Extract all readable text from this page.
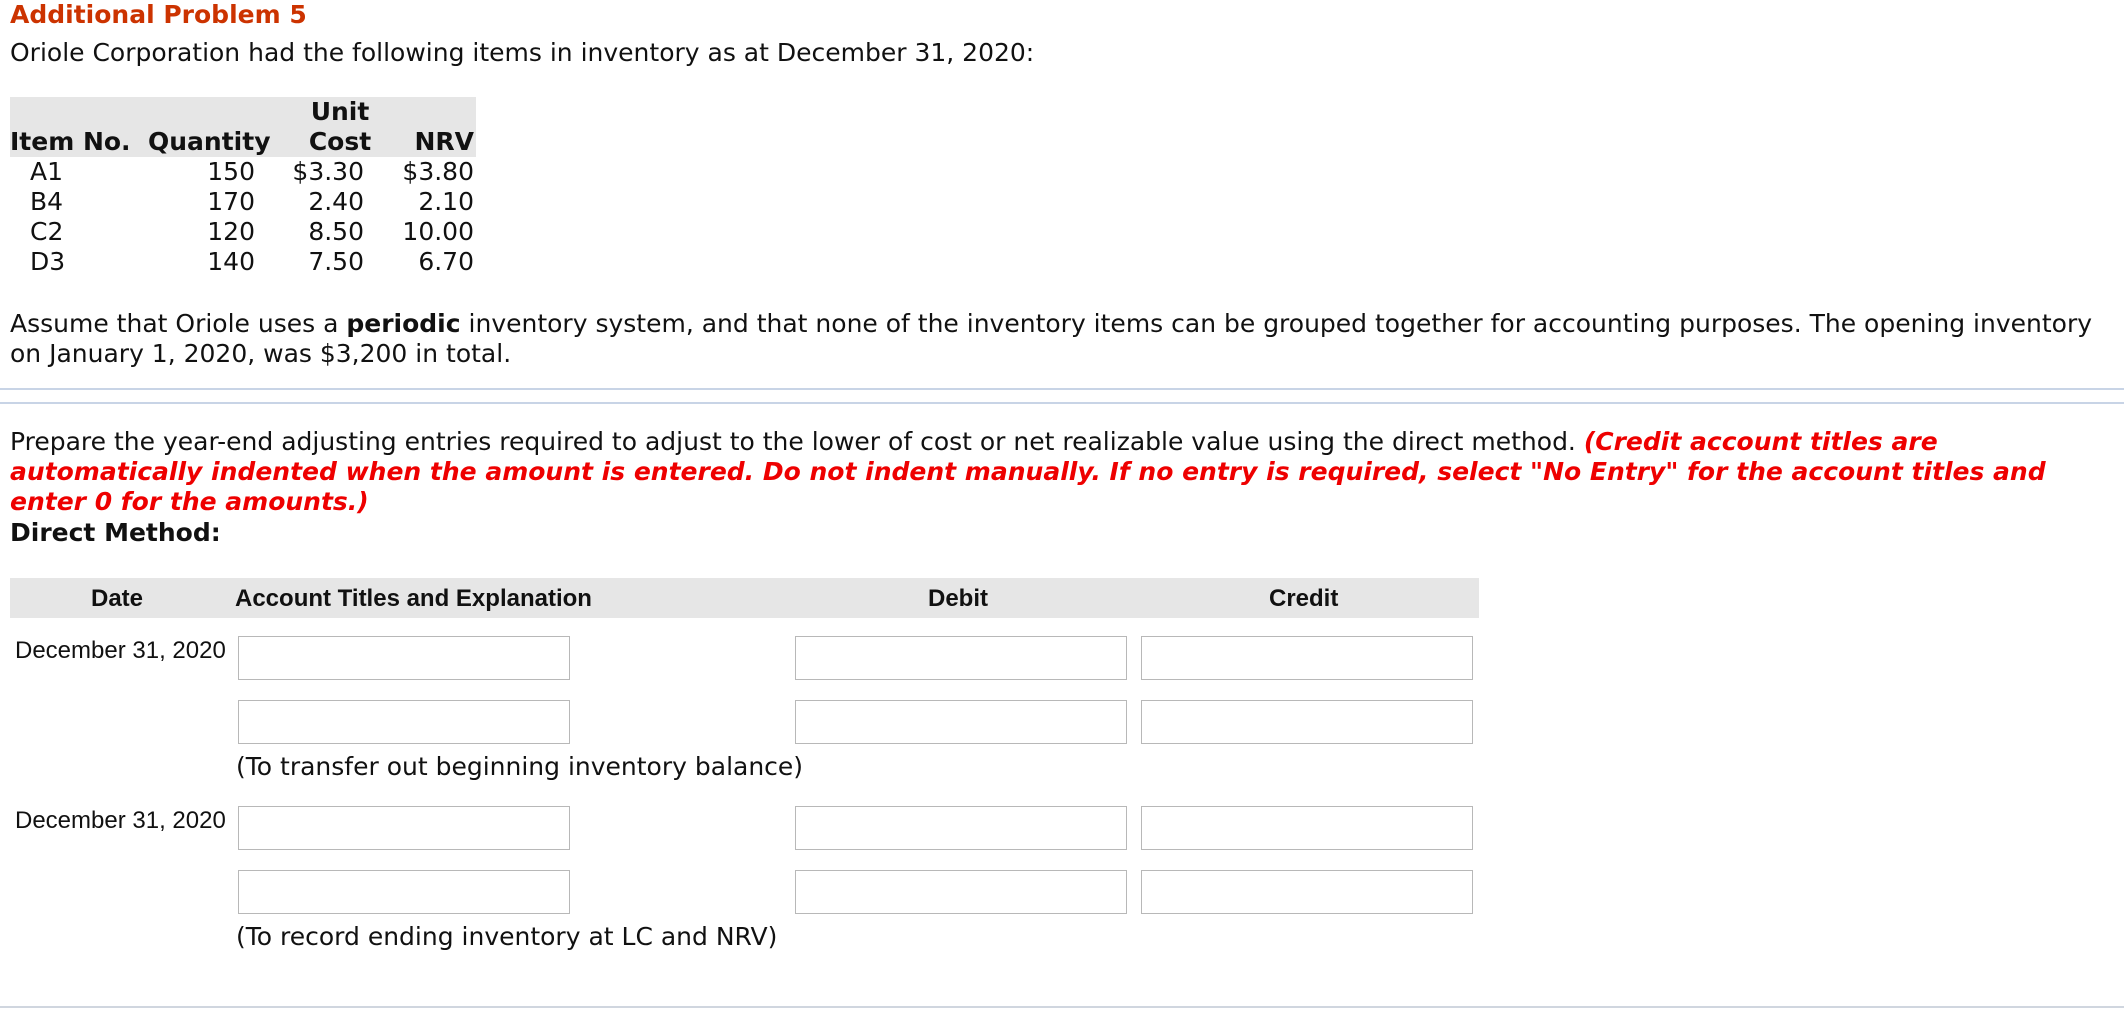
Additional Problem 5
Oriole Corporation had the following items in inventory as at December 31, 2020:
Unit
Item No. Quantity	Cost	NRV
A1	150	$3.30	$3.80
B4	170	2.40	2.10
C2	120	8.50	10.00
D3	140	7.50	6.70
Assume that Oriole uses a periodic inventory system, and that none of the inventory items can be grouped together for accounting purposes. The opening inventory on January 1, 2020, was $3,200 in total.
Prepare the year-end adjusting entries required to adjust to the lower of cost or net realizable value using the direct method. (Credit account titles are automatically indented when the amount is entered. Do not indent manually. If no entry is required, select "No Entry" for the account titles and enter 0 for the amounts.)
Direct Method:
Date	Account Titles and Explanation	Debit	Credit
December 31, 2020
(To transfer out beginning inventory balance)
December 31, 2020
(To record ending inventory at LC and NRV)
